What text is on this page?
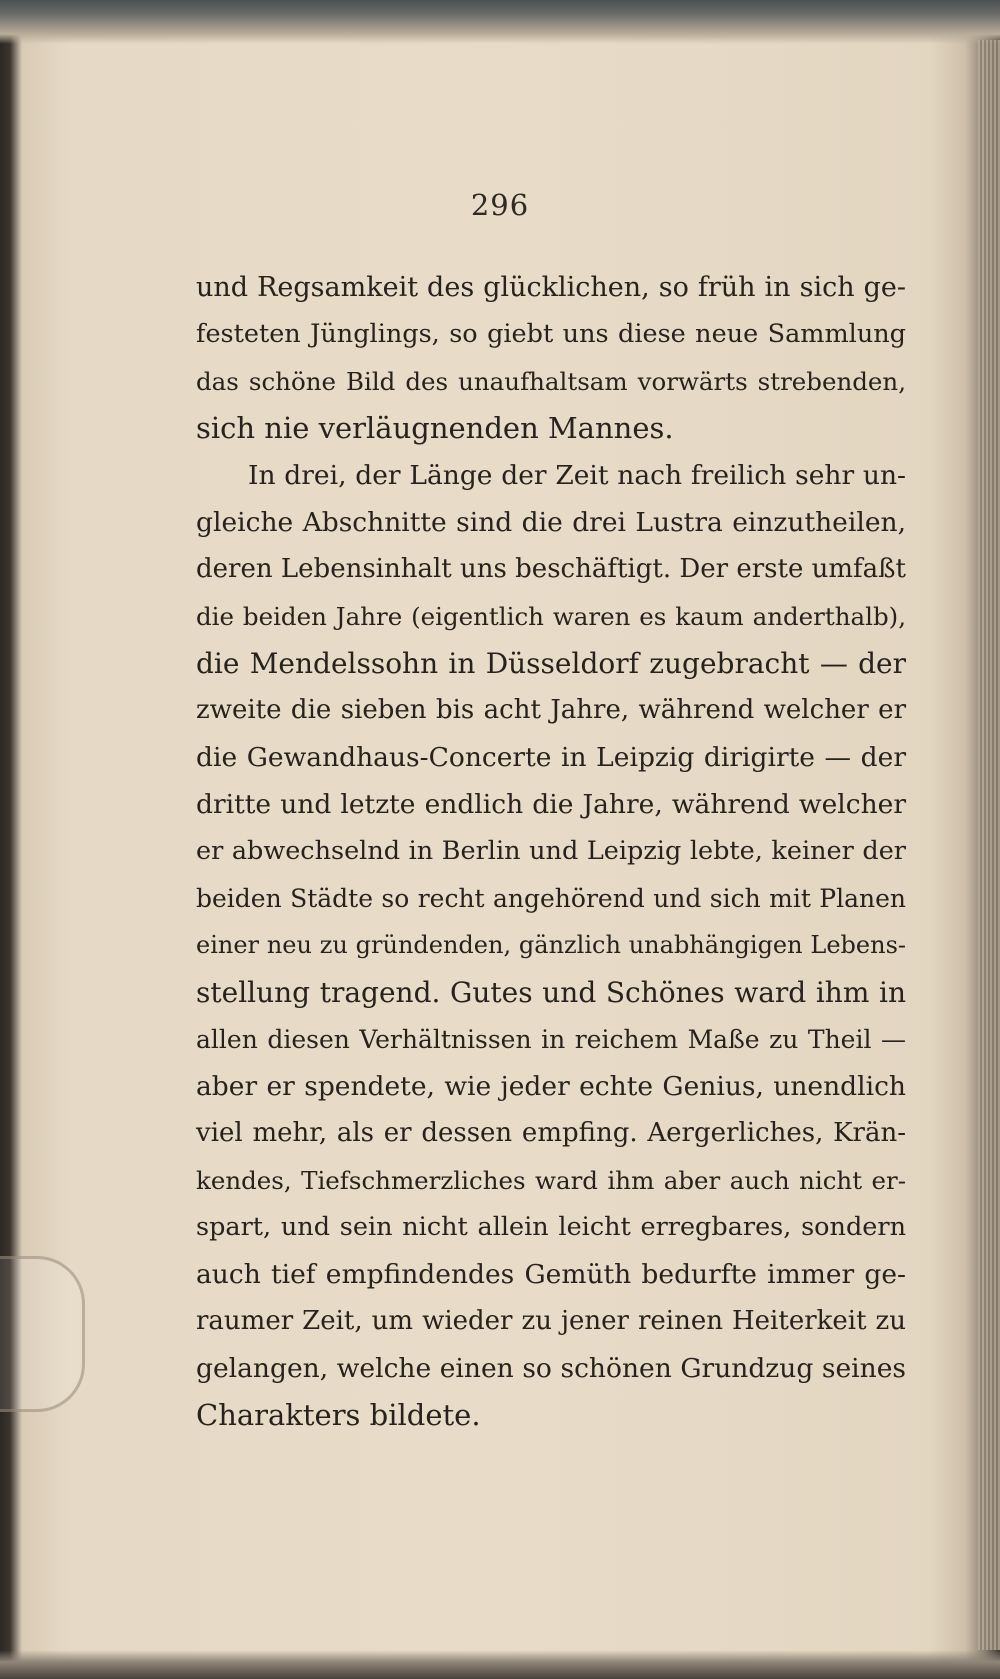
296
und Regsamkeit des glücklichen, so früh in sich ge-
festeten Jünglings, so giebt uns diese neue Sammlung
das schöne Bild des unaufhaltsam vorwärts strebenden,
sich nie verläugnenden Mannes.
In drei, der Länge der Zeit nach freilich sehr un-
gleiche Abschnitte sind die drei Lustra einzutheilen,
deren Lebensinhalt uns beschäftigt. Der erste umfaßt
die beiden Jahre (eigentlich waren es kaum anderthalb),
die Mendelssohn in Düsseldorf zugebracht — der
zweite die sieben bis acht Jahre, während welcher er
die Gewandhaus-Concerte in Leipzig dirigirte — der
dritte und letzte endlich die Jahre, während welcher
er abwechselnd in Berlin und Leipzig lebte, keiner der
beiden Städte so recht angehörend und sich mit Planen
einer neu zu gründenden, gänzlich unabhängigen Lebens-
stellung tragend. Gutes und Schönes ward ihm in
allen diesen Verhältnissen in reichem Maße zu Theil —
aber er spendete, wie jeder echte Genius, unendlich
viel mehr, als er dessen empfing. Aergerliches, Krän-
kendes, Tiefschmerzliches ward ihm aber auch nicht er-
spart, und sein nicht allein leicht erregbares, sondern
auch tief empfindendes Gemüth bedurfte immer ge-
raumer Zeit, um wieder zu jener reinen Heiterkeit zu
gelangen, welche einen so schönen Grundzug seines
Charakters bildete.
